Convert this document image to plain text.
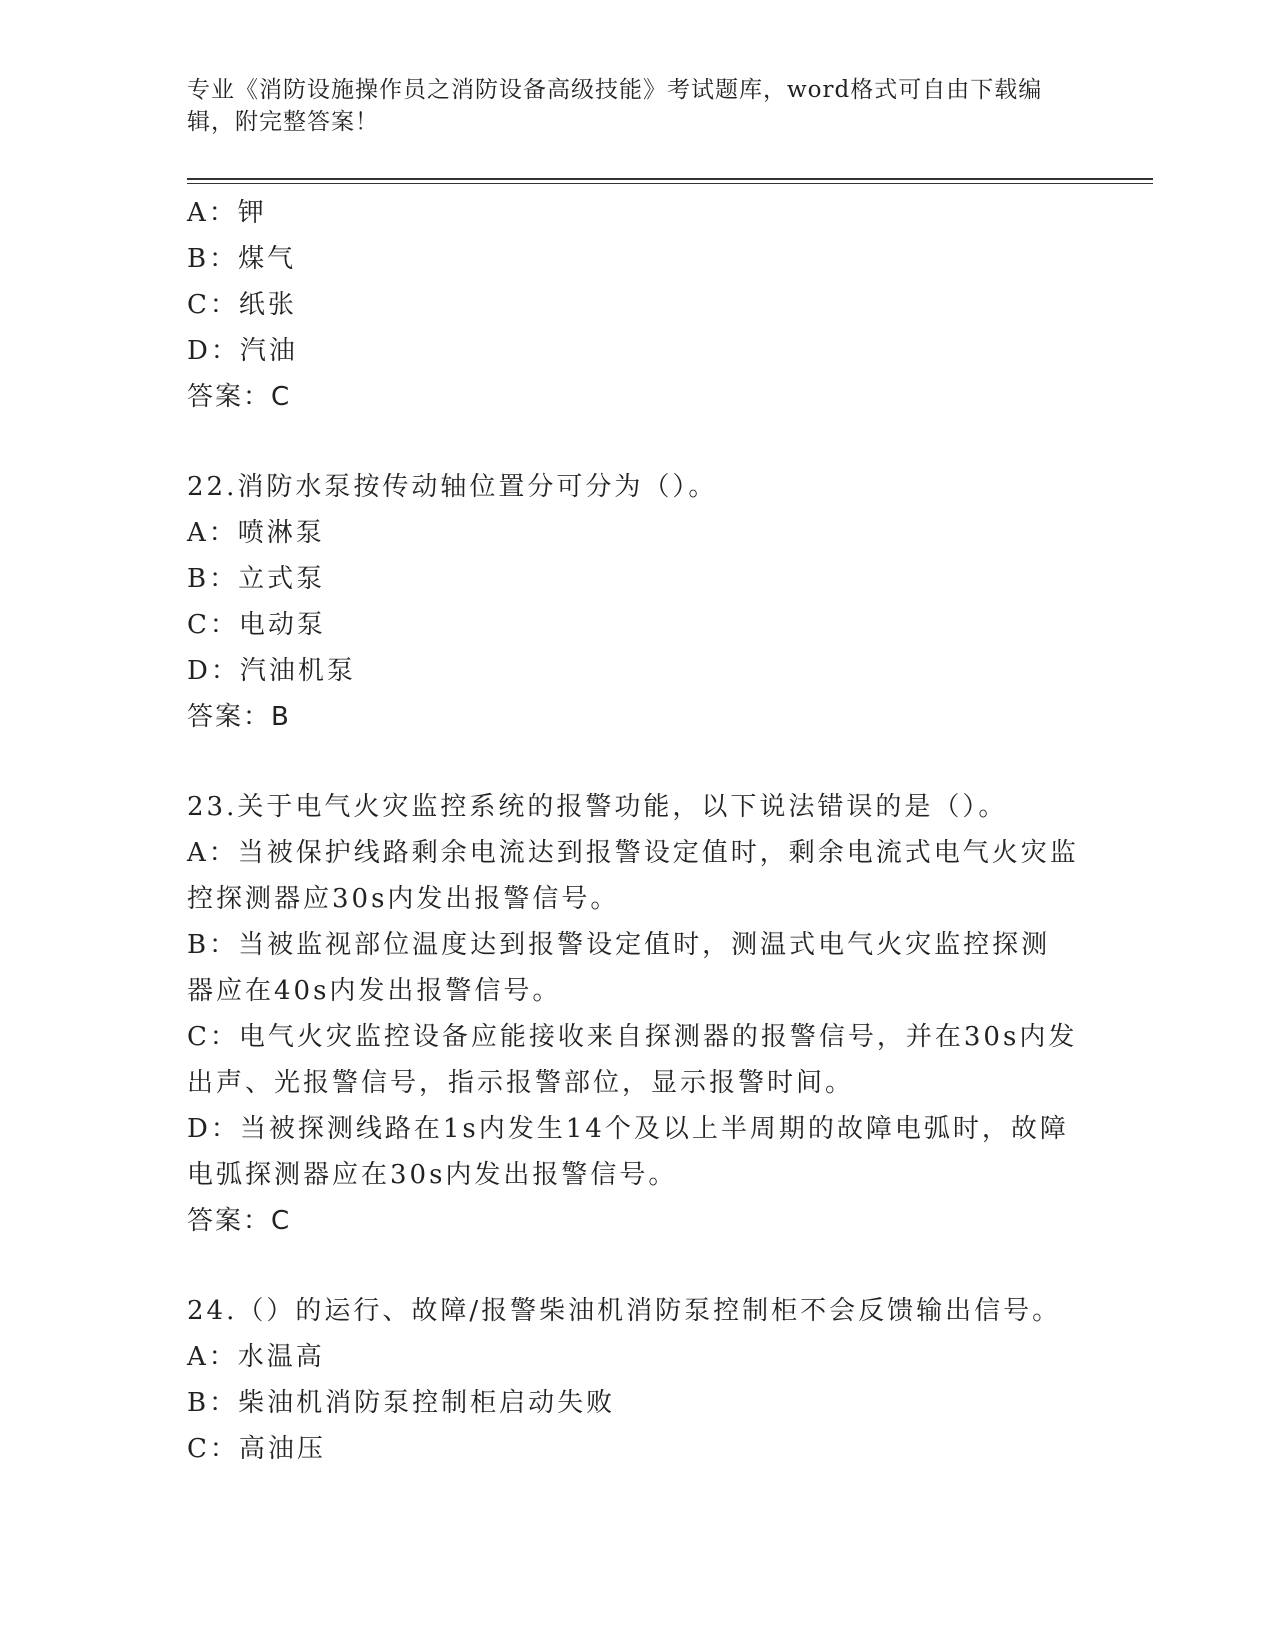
专业《消防设施操作员之消防设备高级技能》考试题库，word格式可自由下载编
辑，附完整答案！
A：钾
B：煤气
C：纸张
D：汽油
答案：C
22.消防水泵按传动轴位置分可分为（）。
A：喷淋泵
B：立式泵
C：电动泵
D：汽油机泵
答案：B
23.关于电气火灾监控系统的报警功能，以下说法错误的是（）。
A：当被保护线路剩余电流达到报警设定值时，剩余电流式电气火灾监控探测器应30s内发出报警信号。
B：当被监视部位温度达到报警设定值时，测温式电气火灾监控探测器应在40s内发出报警信号。
C：电气火灾监控设备应能接收来自探测器的报警信号，并在30s内发出声、光报警信号，指示报警部位，显示报警时间。
D：当被探测线路在1s内发生14个及以上半周期的故障电弧时，故障电弧探测器应在30s内发出报警信号。
答案：C
24.（）的运行、故障/报警柴油机消防泵控制柜不会反馈输出信号。
A：水温高
B：柴油机消防泵控制柜启动失败
C：高油压
